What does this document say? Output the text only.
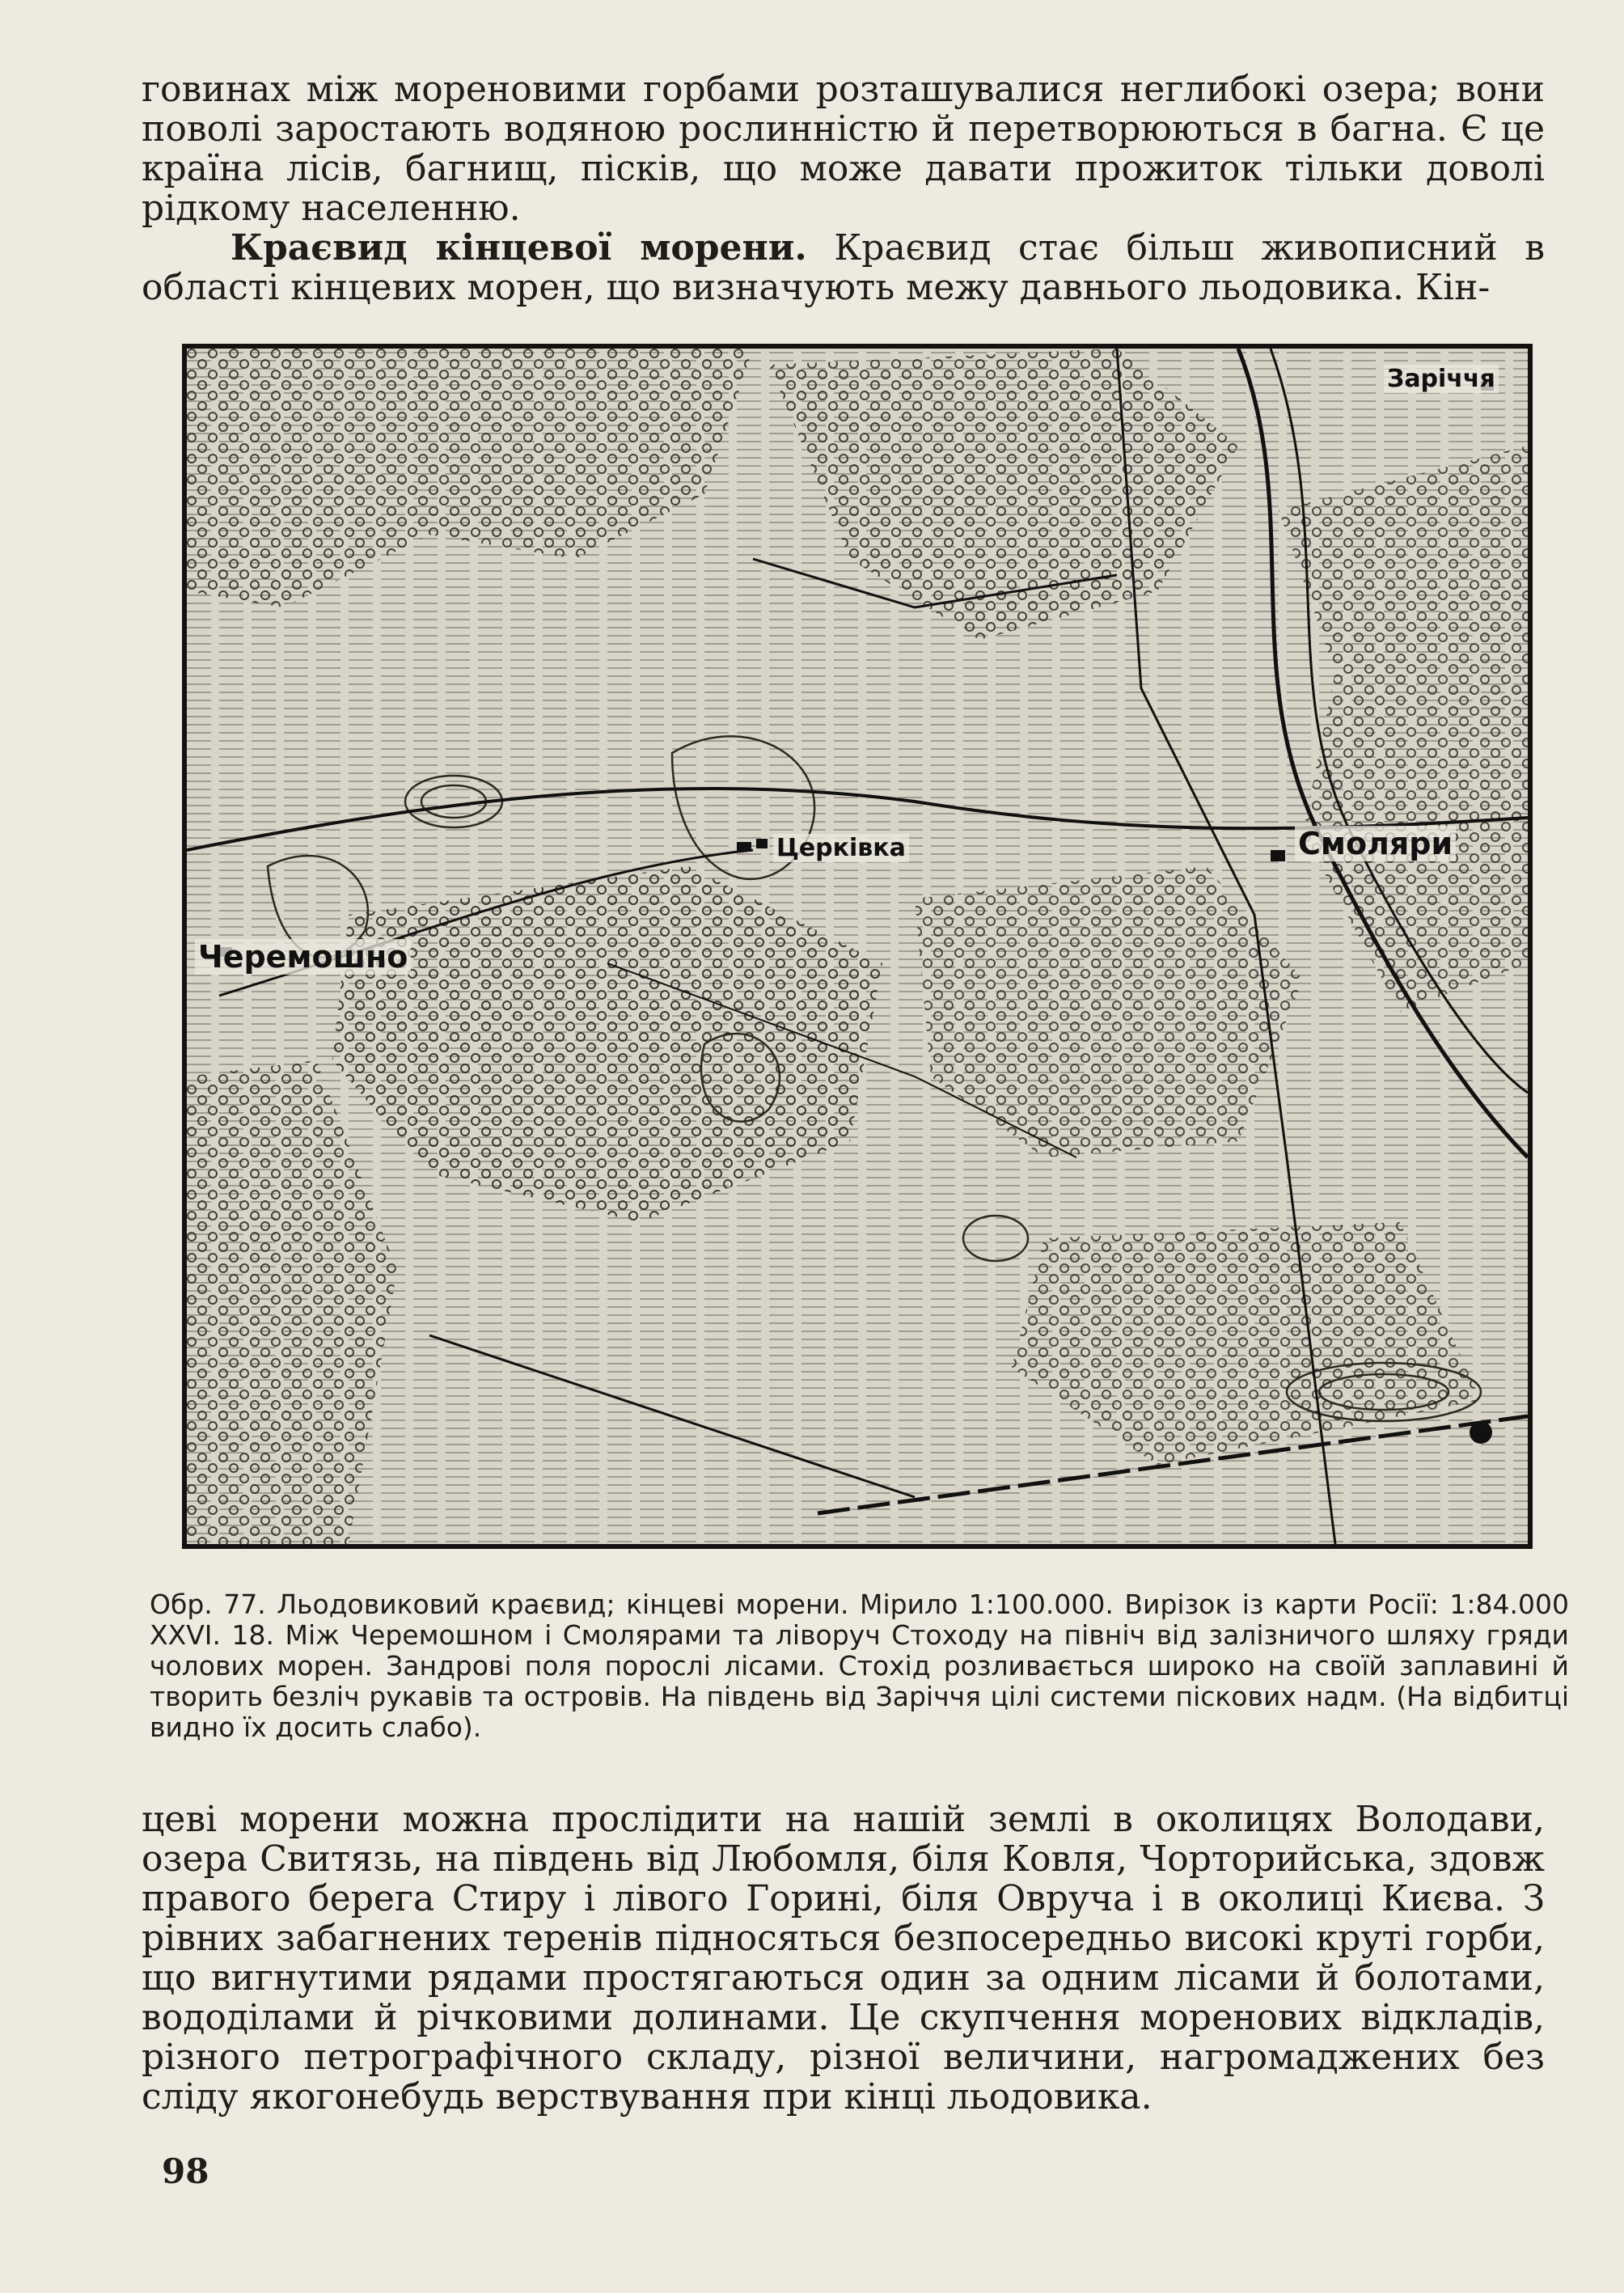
говинах між моренoвими горбами розташувалися неглибокі озера; вони поволі заростають водяною рослинністю й перетворюються в багна. Є це країна лісів, багнищ, пісків, що може давати прожиток тільки доволі рідкому населенню.

Краєвид кінцевої морени. Краєвид стає більш живописний в області кінцевих морен, що визначують межу давнього льодовика. Кін-

Черемошно
Смоляри
Церківка
Заріччя

Обр. 77. Льодовиковий краєвид; кінцеві морени. Мірило 1:100.000. Вирізок із карти Росії: 1:84.000 XXVI. 18. Між Черемошном і Смолярами та ліворуч Стоходу на північ від залізничого шляху гряди чолових морен. Зандрові поля порослі лісами. Стохід розливається широко на своїй заплавині й творить безліч рукавів та островів. На південь від Заріччя цілі системи піскових надм. (На відбитці видно їх досить слабо).

цеві морени можна прослідити на нашій землі в околицях Володави, озера Свитязь, на південь від Любомля, біля Ковля, Чорторийська, здовж правого берега Стиру і лівого Горині, біля Овруча і в околиці Києва. З рівних забагнених теренів підносяться безпосередньо високі круті горби, що вигнутими рядами простягаються один за одним лісами й болотами, вододілами й річковими долинами. Це скупчення моренових відкладів, різного петрографічного складу, різної величини, нагромаджених без сліду якогонебудь верствування при кінці льодовика.

98
